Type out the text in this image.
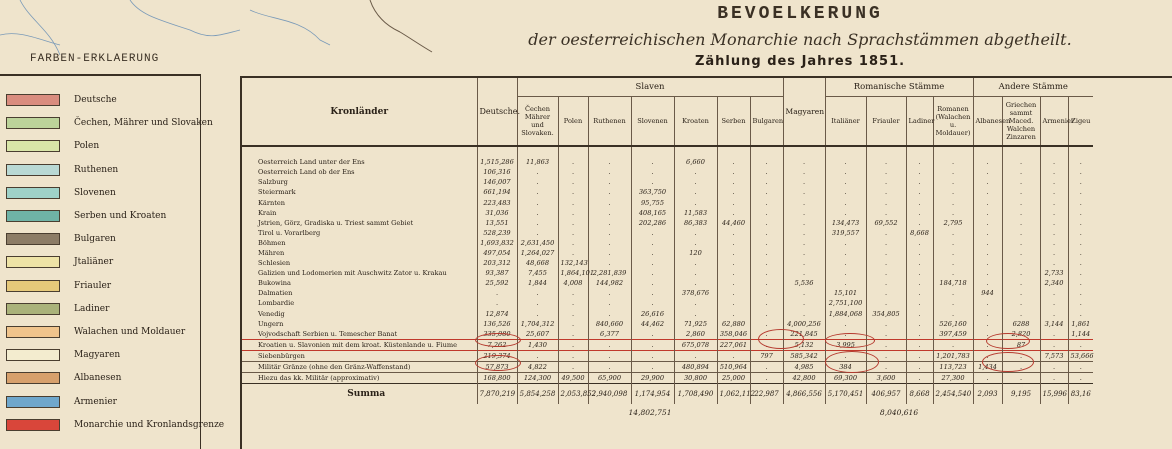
BEVOELKERUNG
der oesterreichischen Monarchie nach Sprachstämmen abgetheilt.
Zählung des Jahres 1851.
FARBEN-ERKLAERUNG
Deutsche
Čechen, Mährer und Slovaken
Polen
Ruthenen
Slovenen
Serben und Kroaten
Bulgaren
Jtaliäner
Friauler
Ladiner
Walachen und Moldauer
Magyaren
Albanesen
Armenier
Monarchie und Kronlandsgrenze
Kronländer	Deutsche.	Slaven							Magyaren	Romanische Stämme				Andere Stämme			
		Čechen Mährer und Slovaken.	Polen	Ruthenen	Slovenen	Kroaten	Serben	Bulgaren		Italiäner	Friauler	Ladiner	Romanen (Walachen u. Moldauer)	Albanesen	Griechen sammt Maced. Walchen Zinzaren	Armenier	Zigeu

Oesterreich Land unter der Ens	1,515,286	11,863	.	.	.	6,660	.	.	.	.	.	.	.	.	.	.	.
Oesterreich Land ob der Ens	106,316	.	.	.	.	.	.	.	.	.	.	.	.	.	.	.	.
Salzburg	146,007	.	.	.	.	.	.	.	.	.	.	.	.	.	.	.	.
Steiermark	661,194	.	.	.	363,750	.	.	.	.	.	.	.	.	.	.	.	.
Kärnten	223,483	.	.	.	95,755	.	.	.	.	.	.	.	.	.	.	.	.
Krain	31,036	.	.	.	408,165	11,583	.	.	.	.	.	.	.	.	.	.	.
Jstrien, Görz, Gradiska u. Triest sammt Gebiet	13,551	.	.	.	202,286	86,383	44,460	.	.	134,473	69,552	.	2,795	.	.	.	.
Tirol u. Vorarlberg	528,239	.	.	.	.	.	.	.	.	319,557	.	8,668	.	.	.	.	.
Böhmen	1,693,832	2,631,450	.	.	.	.	.	.	.	.	.	.	.	.	.	.	.
Mähren	497,054	1,264,027	.	.	.	120	.	.	.	.	.	.	.	.	.	.	.
Schlesien	203,312	48,668	132,143	.	.	.	.	.	.	.	.	.	.	.	.	.	.
Galizien und Lodomerien mit Auschwitz Zator u. Krakau	93,387	7,455	1,864,101	2,281,839	.	.	.	.	.	.	.	.	.	.	.	2,733	.
Bukowina	25,592	1,844	4,008	144,982	.	.	.	.	5,536	.	.	.	184,718	.	.	2,340	.
Dalmatien	.	.	.	.	.	378,676	.	.	.	15,101	.	.	.	944	.	.	.
Lombardie	.	.	.	.	.	.	.	.	.	2,751,100	.	.	.	.	.	.	.
Venedig	12,874	.	.	.	26,616	.	.	.	.	1,884,068	354,805	.	.	.	.	.	.
Ungern	136,526	1,704,312	.	840,660	44,462	71,925	62,880	.	4,000,256	.	.	.	526,160	.	6288	3,144	1,861
Vojvodschaft Serbien u. Temescher Banat	335,080	25,607	.	6,377	.	2,860	358,046	.	221,845	.	.	.	397,459	.	2,820	.	1,144
Kroatien u. Slavonien mit dem kroat. Küstenlande u. Fiume	7,262	1,430	.	.	.	675,078	227,061	.	5,132	3,995	.	.	.	.	87	.	.
Siebenbürgen	219,374	.	.	.	.	.	.	797	585,342	.	.	.	1,201,783	.	.	7,573	53,666
Militär Gränze (ohne den Gränz-Waffenstand)	57,873	4,822	.	.	.	480,894	510,964	.	4,985	384	.	.	113,723	1,434	.	.	.
Hiezu das kk. Militär (approximativ)	168,800	124,300	49,500	65,900	29,900	30,800	25,000	.	42,800	69,300	3,600	.	27,300	.	.	.	.
Summa	7,870,219	5,854,258	2,053,852	2,940,098	1,174,954	1,708,490	1,062,112	22,987	4,866,556	5,170,451	406,957	8,668	2,454,540	2,093	9,195	15,996	83,16
		14,802,751								8,040,616							
